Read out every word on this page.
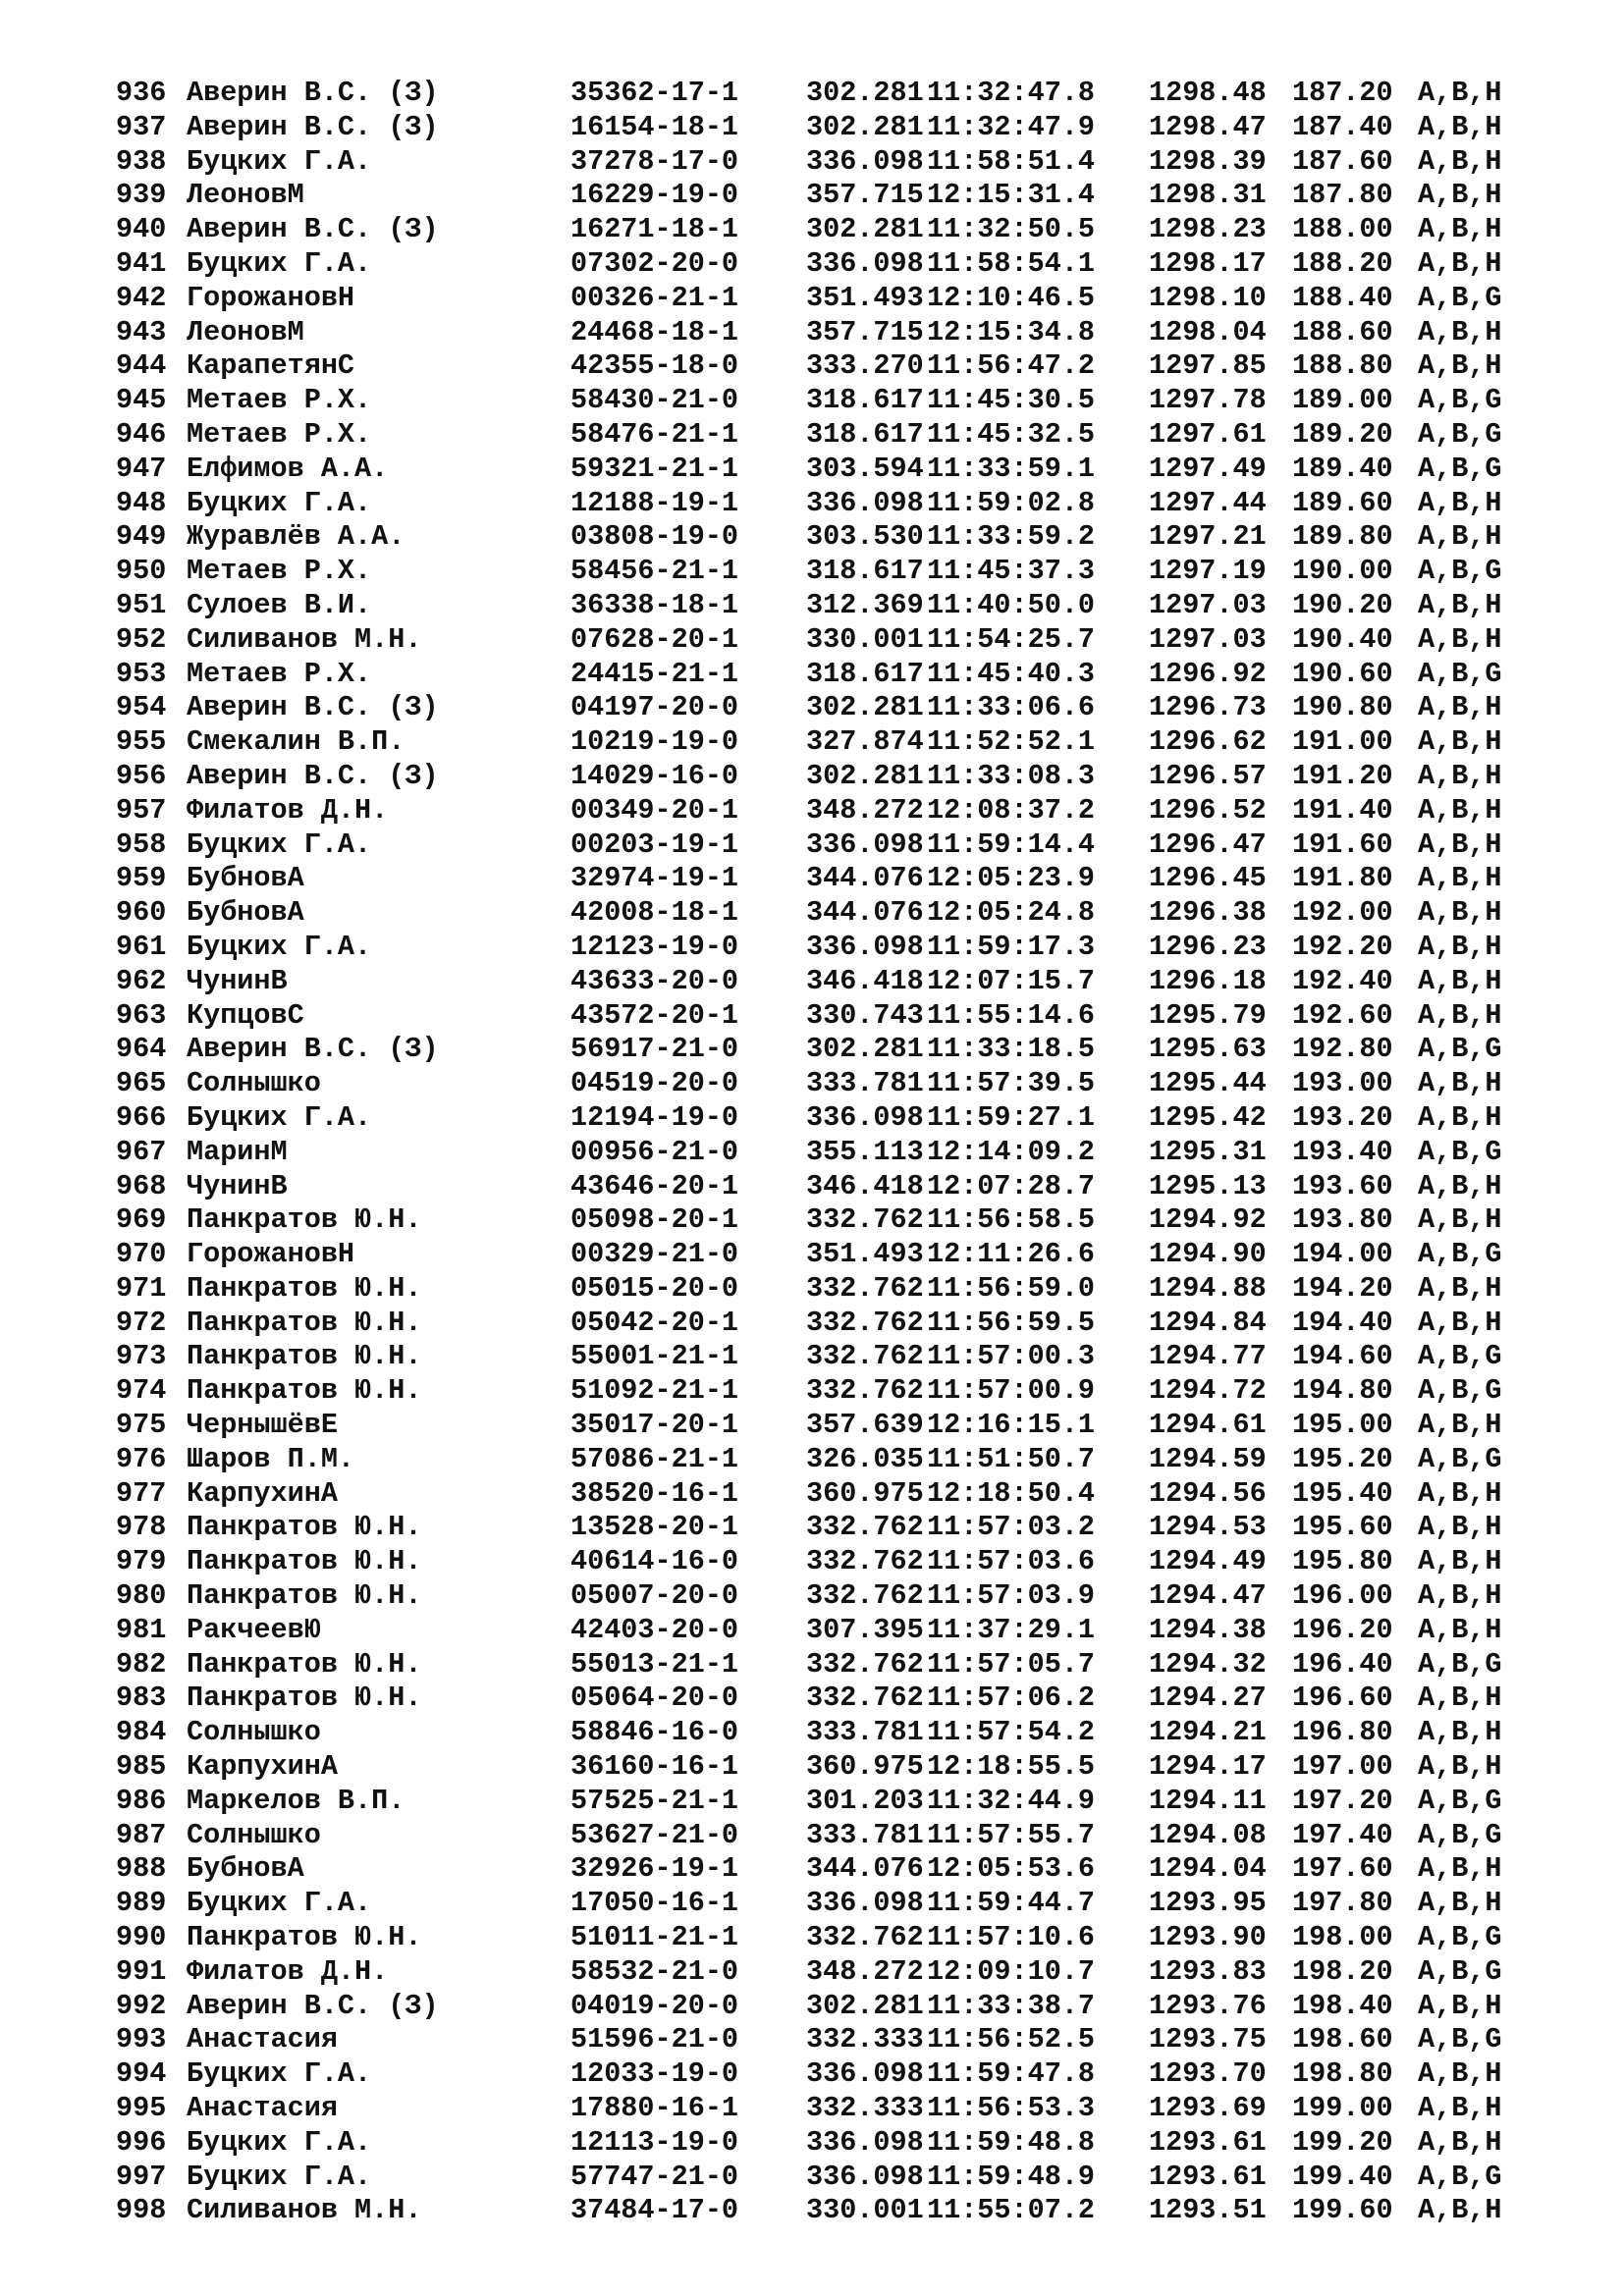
936 Аверин В.С. (З)	35362-17-1 302.281 11:32:47.8 1298.48 187.20 A,B,H
937 Аверин В.С. (З)	16154-18-1 302.281 11:32:47.9 1298.47 187.40 A,B,H
938 Буцких Г.А.	37278-17-0 336.098 11:58:51.4 1298.39 187.60 A,B,H
939 ЛеоновМ	16229-19-0 357.715 12:15:31.4 1298.31 187.80 A,B,H
940 Аверин В.С. (З)	16271-18-1 302.281 11:32:50.5 1298.23 188.00 A,B,H
941 Буцких Г.А.	07302-20-0 336.098 11:58:54.1 1298.17 188.20 A,B,H
942 ГорожановН	00326-21-1 351.493 12:10:46.5 1298.10 188.40 A,B,G
943 ЛеоновМ	24468-18-1 357.715 12:15:34.8 1298.04 188.60 A,B,H
944 КарапетянС	42355-18-0 333.270 11:56:47.2 1297.85 188.80 A,B,H
945 Метаев Р.Х.	58430-21-0 318.617 11:45:30.5 1297.78 189.00 A,B,G
946 Метаев Р.Х.	58476-21-1 318.617 11:45:32.5 1297.61 189.20 A,B,G
947 Елфимов А.А.	59321-21-1 303.594 11:33:59.1 1297.49 189.40 A,B,G
948 Буцких Г.А.	12188-19-1 336.098 11:59:02.8 1297.44 189.60 A,B,H
949 Журавлёв А.А.	03808-19-0 303.530 11:33:59.2 1297.21 189.80 A,B,H
950 Метаев Р.Х.	58456-21-1 318.617 11:45:37.3 1297.19 190.00 A,B,G
951 Сулоев В.И.	36338-18-1 312.369 11:40:50.0 1297.03 190.20 A,B,H
952 Силиванов М.Н.	07628-20-1 330.001 11:54:25.7 1297.03 190.40 A,B,H
953 Метаев Р.Х.	24415-21-1 318.617 11:45:40.3 1296.92 190.60 A,B,G
954 Аверин В.С. (З)	04197-20-0 302.281 11:33:06.6 1296.73 190.80 A,B,H
955 Смекалин В.П.	10219-19-0 327.874 11:52:52.1 1296.62 191.00 A,B,H
956 Аверин В.С. (З)	14029-16-0 302.281 11:33:08.3 1296.57 191.20 A,B,H
957 Филатов Д.Н.	00349-20-1 348.272 12:08:37.2 1296.52 191.40 A,B,H
958 Буцких Г.А.	00203-19-1 336.098 11:59:14.4 1296.47 191.60 A,B,H
959 БубновА	32974-19-1 344.076 12:05:23.9 1296.45 191.80 A,B,H
960 БубновА	42008-18-1 344.076 12:05:24.8 1296.38 192.00 A,B,H
961 Буцких Г.А.	12123-19-0 336.098 11:59:17.3 1296.23 192.20 A,B,H
962 ЧунинВ	43633-20-0 346.418 12:07:15.7 1296.18 192.40 A,B,H
963 КупцовС	43572-20-1 330.743 11:55:14.6 1295.79 192.60 A,B,H
964 Аверин В.С. (З)	56917-21-0 302.281 11:33:18.5 1295.63 192.80 A,B,G
965 Солнышко	04519-20-0 333.781 11:57:39.5 1295.44 193.00 A,B,H
966 Буцких Г.А.	12194-19-0 336.098 11:59:27.1 1295.42 193.20 A,B,H
967 МаринМ	00956-21-0 355.113 12:14:09.2 1295.31 193.40 A,B,G
968 ЧунинВ	43646-20-1 346.418 12:07:28.7 1295.13 193.60 A,B,H
969 Панкратов Ю.Н.	05098-20-1 332.762 11:56:58.5 1294.92 193.80 A,B,H
970 ГорожановН	00329-21-0 351.493 12:11:26.6 1294.90 194.00 A,B,G
971 Панкратов Ю.Н.	05015-20-0 332.762 11:56:59.0 1294.88 194.20 A,B,H
972 Панкратов Ю.Н.	05042-20-1 332.762 11:56:59.5 1294.84 194.40 A,B,H
973 Панкратов Ю.Н.	55001-21-1 332.762 11:57:00.3 1294.77 194.60 A,B,G
974 Панкратов Ю.Н.	51092-21-1 332.762 11:57:00.9 1294.72 194.80 A,B,G
975 ЧернышёвЕ	35017-20-1 357.639 12:16:15.1 1294.61 195.00 A,B,H
976 Шаров П.М.	57086-21-1 326.035 11:51:50.7 1294.59 195.20 A,B,G
977 КарпухинА	38520-16-1 360.975 12:18:50.4 1294.56 195.40 A,B,H
978 Панкратов Ю.Н.	13528-20-1 332.762 11:57:03.2 1294.53 195.60 A,B,H
979 Панкратов Ю.Н.	40614-16-0 332.762 11:57:03.6 1294.49 195.80 A,B,H
980 Панкратов Ю.Н.	05007-20-0 332.762 11:57:03.9 1294.47 196.00 A,B,H
981 РакчеевЮ	42403-20-0 307.395 11:37:29.1 1294.38 196.20 A,B,H
982 Панкратов Ю.Н.	55013-21-1 332.762 11:57:05.7 1294.32 196.40 A,B,G
983 Панкратов Ю.Н.	05064-20-0 332.762 11:57:06.2 1294.27 196.60 A,B,H
984 Солнышко	58846-16-0 333.781 11:57:54.2 1294.21 196.80 A,B,H
985 КарпухинА	36160-16-1 360.975 12:18:55.5 1294.17 197.00 A,B,H
986 Маркелов В.П.	57525-21-1 301.203 11:32:44.9 1294.11 197.20 A,B,G
987 Солнышко	53627-21-0 333.781 11:57:55.7 1294.08 197.40 A,B,G
988 БубновА	32926-19-1 344.076 12:05:53.6 1294.04 197.60 A,B,H
989 Буцких Г.А.	17050-16-1 336.098 11:59:44.7 1293.95 197.80 A,B,H
990 Панкратов Ю.Н.	51011-21-1 332.762 11:57:10.6 1293.90 198.00 A,B,G
991 Филатов Д.Н.	58532-21-0 348.272 12:09:10.7 1293.83 198.20 A,B,G
992 Аверин В.С. (З)	04019-20-0 302.281 11:33:38.7 1293.76 198.40 A,B,H
993 Анастасия	51596-21-0 332.333 11:56:52.5 1293.75 198.60 A,B,G
994 Буцких Г.А.	12033-19-0 336.098 11:59:47.8 1293.70 198.80 A,B,H
995 Анастасия	17880-16-1 332.333 11:56:53.3 1293.69 199.00 A,B,H
996 Буцких Г.А.	12113-19-0 336.098 11:59:48.8 1293.61 199.20 A,B,H
997 Буцких Г.А.	57747-21-0 336.098 11:59:48.9 1293.61 199.40 A,B,G
998 Силиванов М.Н.	37484-17-0 330.001 11:55:07.2 1293.51 199.60 A,B,H
